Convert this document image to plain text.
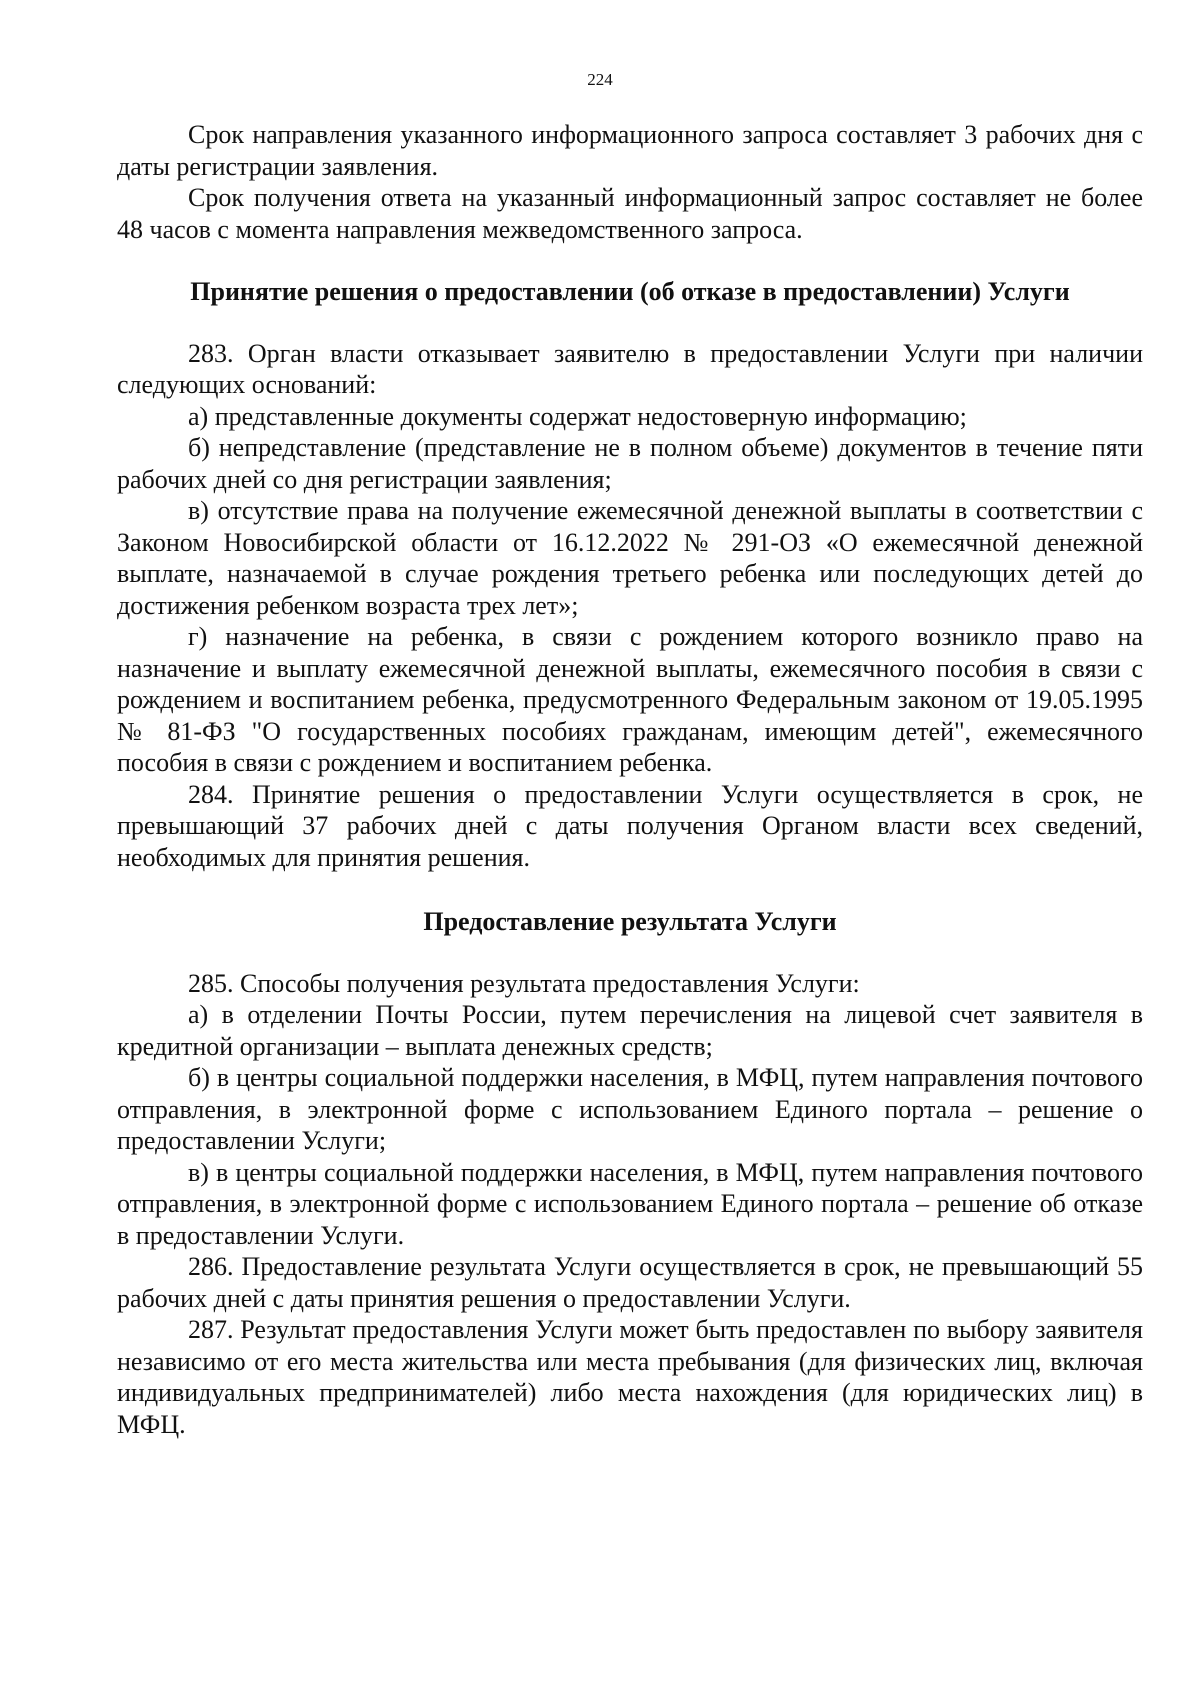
224

Срок направления указанного информационного запроса составляет 3 рабочих дня с даты регистрации заявления.

Срок получения ответа на указанный информационный запрос составляет не более 48 часов с момента направления межведомственного запроса.

Принятие решения о предоставлении (об отказе в предоставлении) Услуги

283. Орган власти отказывает заявителю в предоставлении Услуги при наличии следующих оснований:

а) представленные документы содержат недостоверную информацию;

б) непредставление (представление не в полном объеме) документов в течение пяти рабочих дней со дня регистрации заявления;

в) отсутствие права на получение ежемесячной денежной выплаты в соответствии с Законом Новосибирской области от 16.12.2022 № 291-ОЗ «О ежемесячной денежной выплате, назначаемой в случае рождения третьего ребенка или последующих детей до достижения ребенком возраста трех лет»;

г) назначение на ребенка, в связи с рождением которого возникло право на назначение и выплату ежемесячной денежной выплаты, ежемесячного пособия в связи с рождением и воспитанием ребенка, предусмотренного Федеральным законом от 19.05.1995 № 81-ФЗ "О государственных пособиях гражданам, имеющим детей", ежемесячного пособия в связи с рождением и воспитанием ребенка.

284. Принятие решения о предоставлении Услуги осуществляется в срок, не превышающий 37 рабочих дней с даты получения Органом власти всех сведений, необходимых для принятия решения.

Предоставление результата Услуги

285. Способы получения результата предоставления Услуги:

а) в отделении Почты России, путем перечисления на лицевой счет заявителя в кредитной организации – выплата денежных средств;

б) в центры социальной поддержки населения, в МФЦ, путем направления почтового отправления, в электронной форме с использованием Единого портала – решение о предоставлении Услуги;

в) в центры социальной поддержки населения, в МФЦ, путем направления почтового отправления, в электронной форме с использованием Единого портала – решение об отказе в предоставлении Услуги.

286. Предоставление результата Услуги осуществляется в срок, не превышающий 55 рабочих дней с даты принятия решения о предоставлении Услуги.

287. Результат предоставления Услуги может быть предоставлен по выбору заявителя независимо от его места жительства или места пребывания (для физических лиц, включая индивидуальных предпринимателей) либо места нахождения (для юридических лиц) в МФЦ.
